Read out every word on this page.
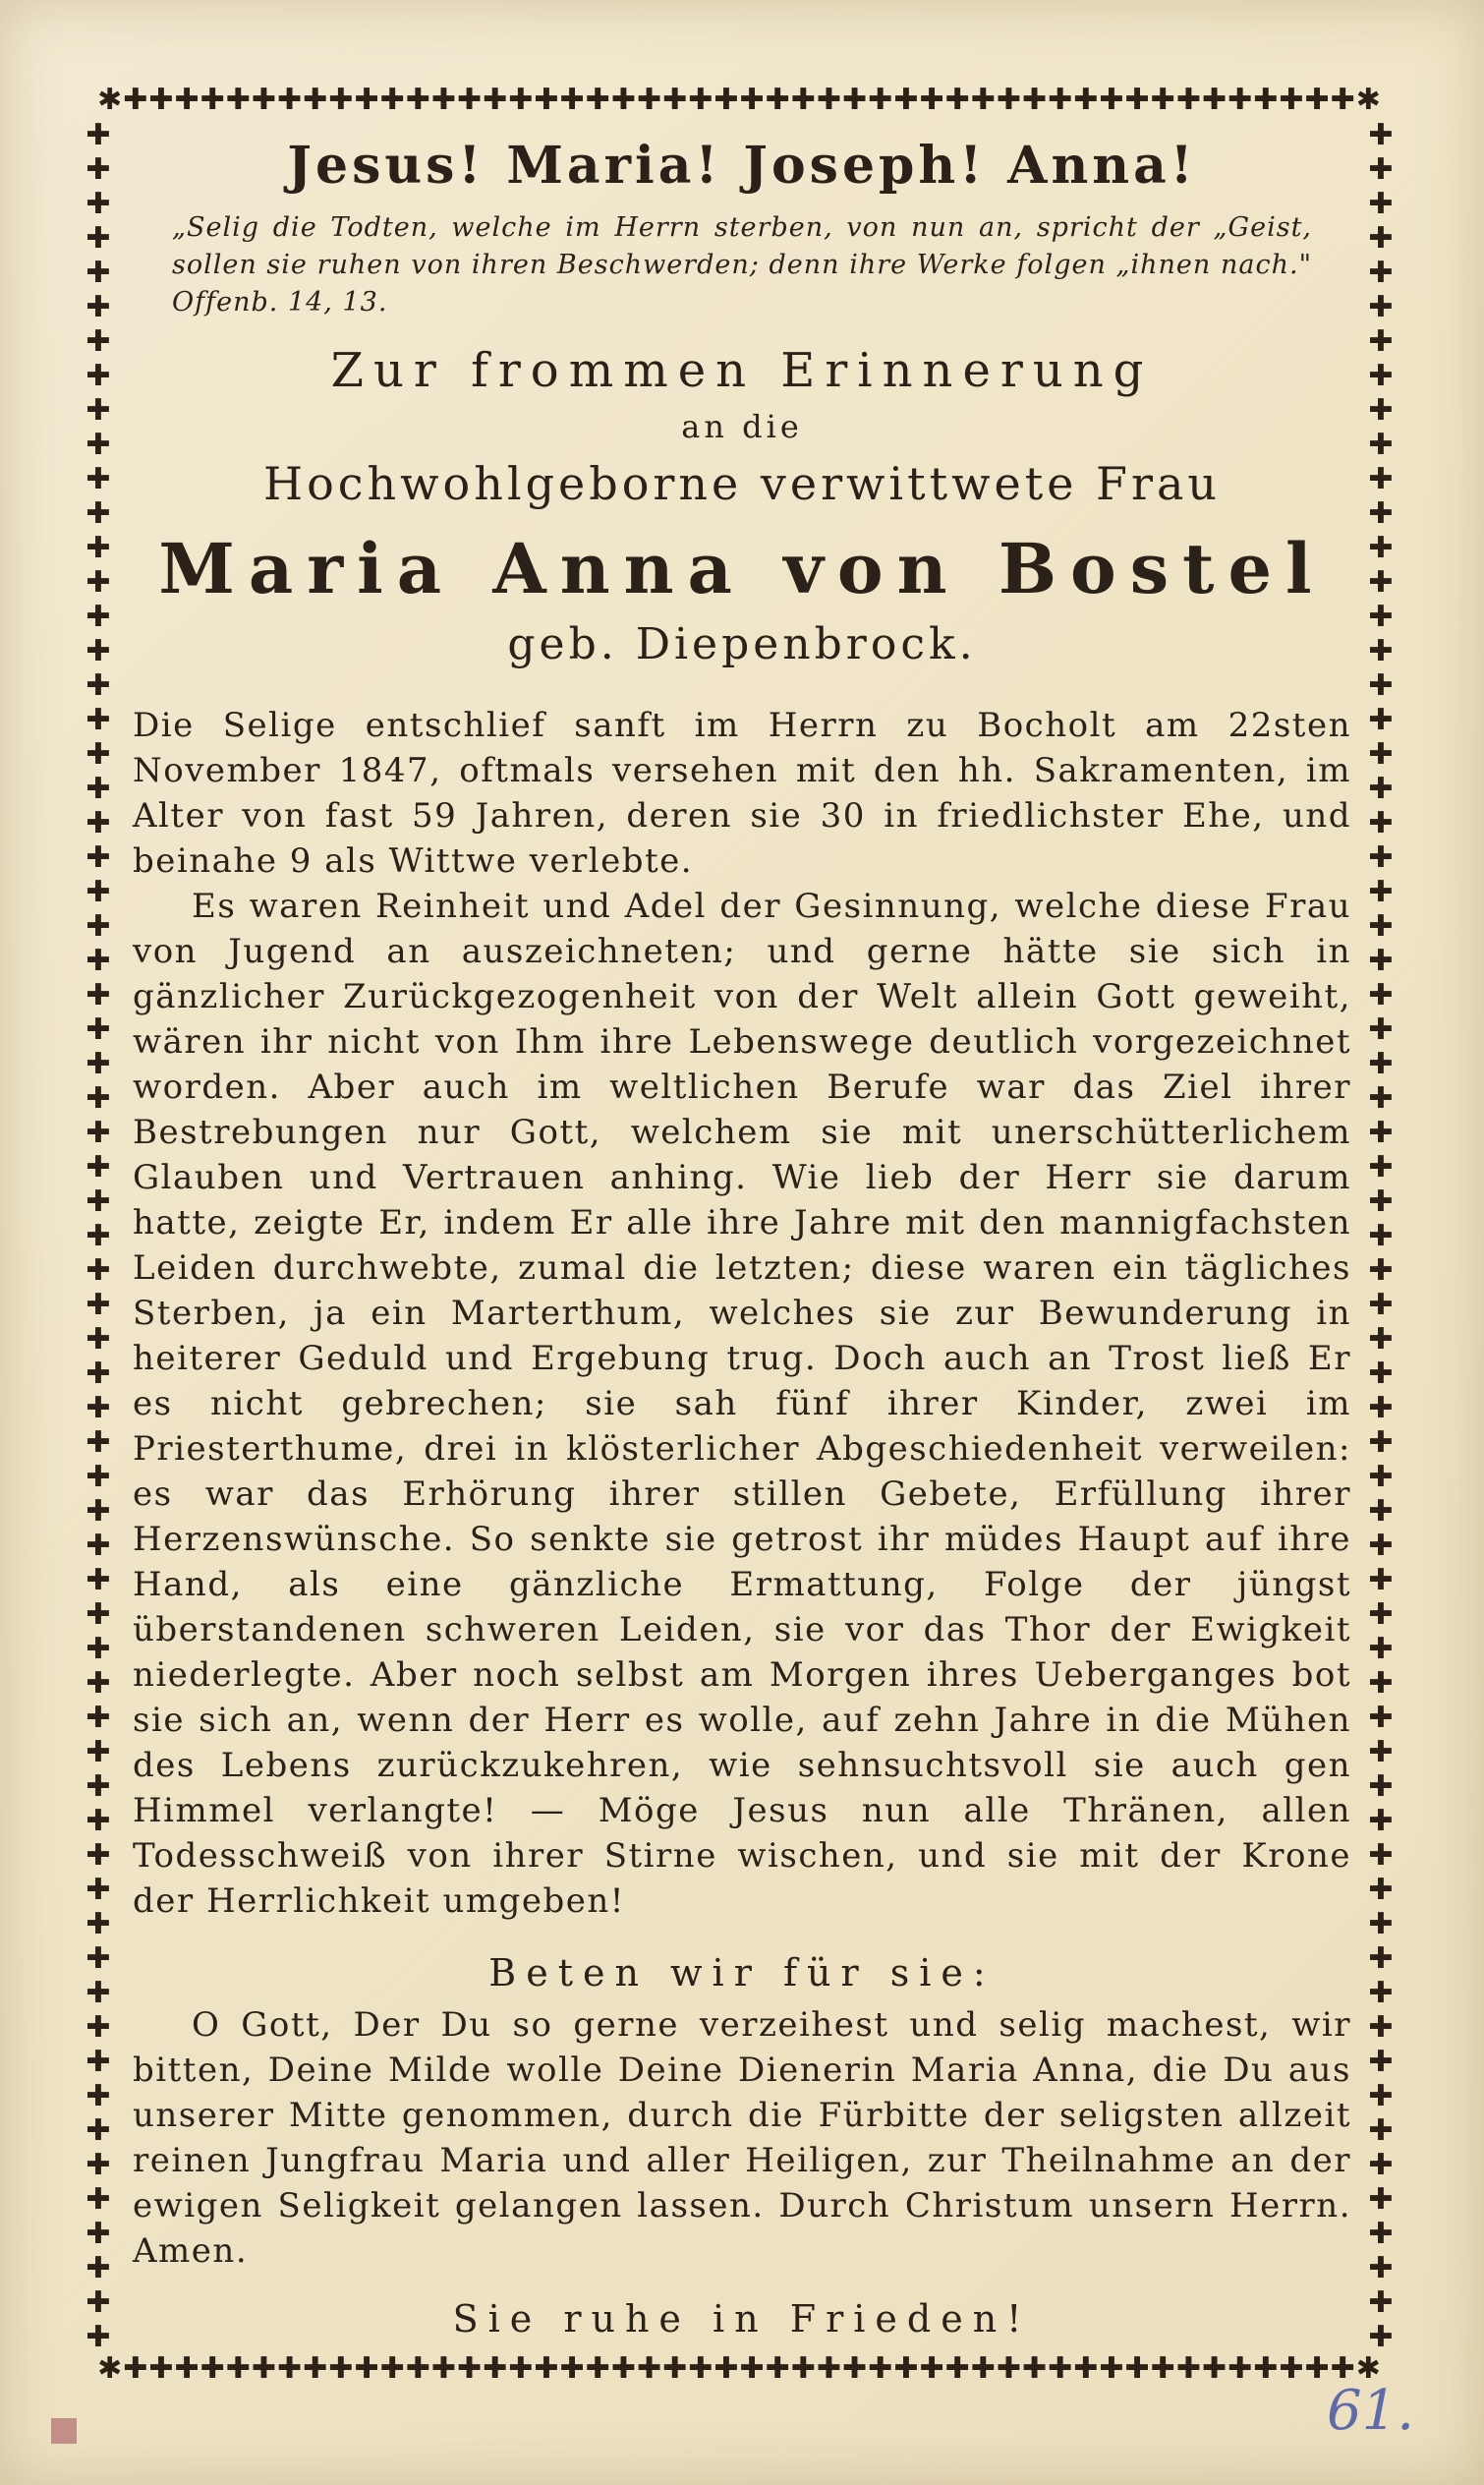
✱✚✚✚✚✚✚✚✚✚✚✚✚✚✚✚✚✚✚✚✚✚✚✚✚✚✚✚✚✚✚✚✚✚✚✚✚✚✚✚✚✚✚✚✚✚✚✚✚✱
✱✚✚✚✚✚✚✚✚✚✚✚✚✚✚✚✚✚✚✚✚✚✚✚✚✚✚✚✚✚✚✚✚✚✚✚✚✚✚✚✚✚✚✚✚✚✚✚✚✱
✚✚✚✚✚✚✚✚✚✚✚✚✚✚✚✚✚✚✚✚✚✚✚✚✚✚✚✚✚✚✚✚✚✚✚✚✚✚✚✚✚✚✚✚✚✚✚✚✚✚✚✚✚✚✚✚✚✚✚✚✚✚✚✚✚
✚✚✚✚✚✚✚✚✚✚✚✚✚✚✚✚✚✚✚✚✚✚✚✚✚✚✚✚✚✚✚✚✚✚✚✚✚✚✚✚✚✚✚✚✚✚✚✚✚✚✚✚✚✚✚✚✚✚✚✚✚✚✚✚✚
Jesus! Maria! Joseph! Anna!
„Selig die Todten, welche im Herrn sterben, von nun an, spricht der „Geist, sollen sie ruhen von ihren Beschwerden; denn ihre Werke folgen „ihnen nach." Offenb. 14, 13.
Zur frommen Erinnerung
an die
Hochwohlgeborne verwittwete Frau
Maria Anna von Bostel
geb. Diepenbrock.

Die Selige entschlief sanft im Herrn zu Bocholt am 22sten November 1847, oftmals versehen mit den hh. Sakramenten, im Alter von fast 59 Jahren, deren sie 30 in friedlichster Ehe, und beinahe 9 als Wittwe verlebte.

Es waren Reinheit und Adel der Gesinnung, welche diese Frau von Jugend an auszeichneten; und gerne hätte sie sich in gänzlicher Zurückgezogenheit von der Welt allein Gott geweiht, wären ihr nicht von Ihm ihre Lebenswege deutlich vorgezeichnet worden. Aber auch im weltlichen Berufe war das Ziel ihrer Bestrebungen nur Gott, welchem sie mit unerschütterlichem Glauben und Vertrauen anhing. Wie lieb der Herr sie darum hatte, zeigte Er, indem Er alle ihre Jahre mit den mannigfachsten Leiden durchwebte, zumal die letzten; diese waren ein tägliches Sterben, ja ein Marterthum, welches sie zur Bewunderung in heiterer Geduld und Ergebung trug. Doch auch an Trost ließ Er es nicht gebrechen; sie sah fünf ihrer Kinder, zwei im Priesterthume, drei in klösterlicher Abgeschiedenheit verweilen: es war das Erhörung ihrer stillen Gebete, Erfüllung ihrer Herzenswünsche. So senkte sie getrost ihr müdes Haupt auf ihre Hand, als eine gänzliche Ermattung, Folge der jüngst überstandenen schweren Leiden, sie vor das Thor der Ewigkeit niederlegte. Aber noch selbst am Morgen ihres Ueberganges bot sie sich an, wenn der Herr es wolle, auf zehn Jahre in die Mühen des Lebens zurückzukehren, wie sehnsuchtsvoll sie auch gen Himmel verlangte! — Möge Jesus nun alle Thränen, allen Todesschweiß von ihrer Stirne wischen, und sie mit der Krone der Herrlichkeit umgeben!

Beten wir für sie:

O Gott, Der Du so gerne verzeihest und selig machest, wir bitten, Deine Milde wolle Deine Dienerin Maria Anna, die Du aus unserer Mitte genommen, durch die Fürbitte der seligsten allzeit reinen Jungfrau Maria und aller Heiligen, zur Theilnahme an der ewigen Seligkeit gelangen lassen. Durch Christum unsern Herrn. Amen.

Sie ruhe in Frieden!
61.
